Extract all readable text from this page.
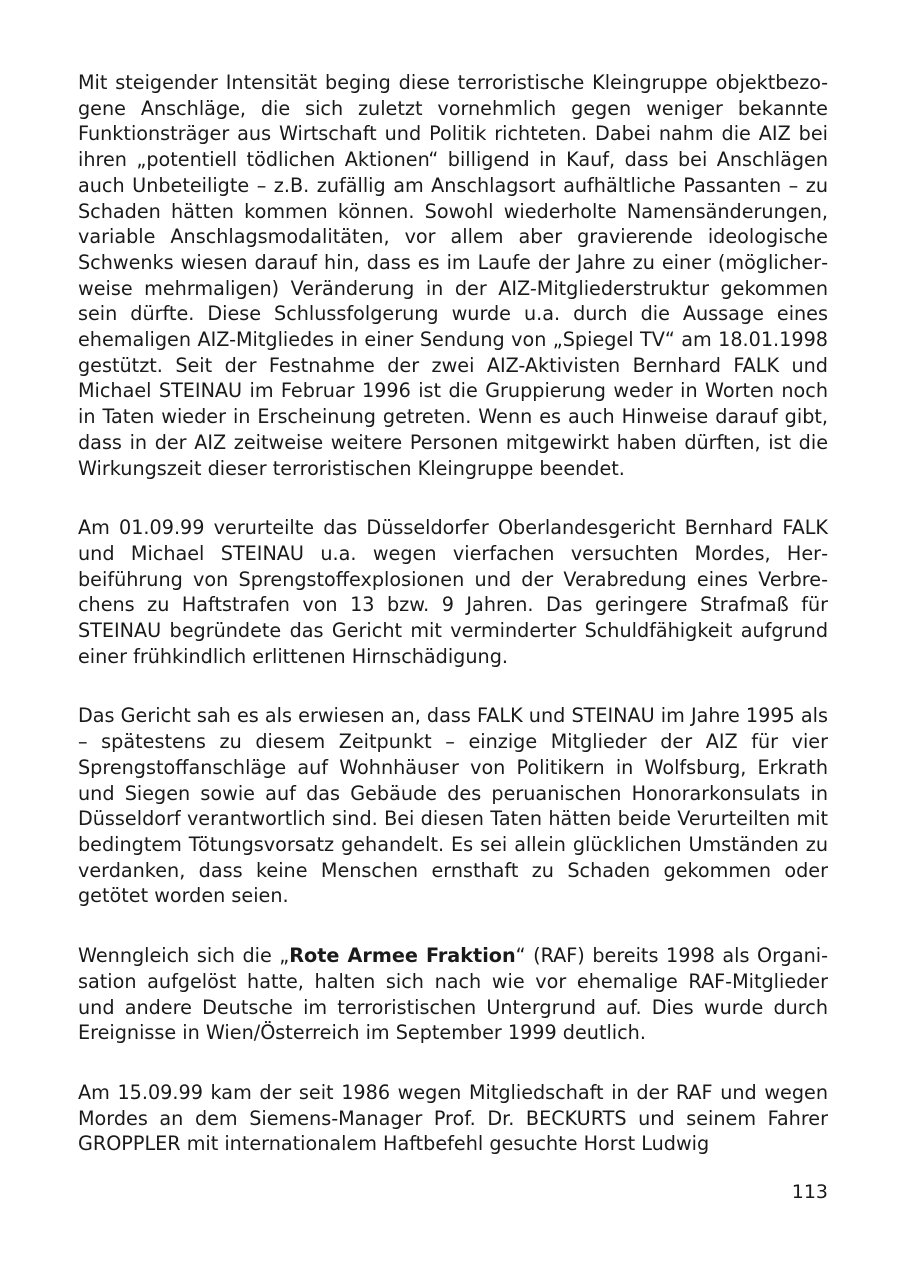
Mit steigender Intensität beging diese terroristische Kleingruppe objektbezogene Anschläge, die sich zuletzt vornehmlich gegen weniger bekannte Funktionsträger aus Wirtschaft und Politik richteten. Dabei nahm die AIZ bei ihren „potentiell tödlichen Aktionen“ billigend in Kauf, dass bei Anschlägen auch Unbeteiligte – z.B. zufällig am Anschlagsort aufhältliche Passanten – zu Schaden hätten kommen können. Sowohl wiederholte Namensänderungen, variable Anschlagsmodalitäten, vor allem aber gravierende ideologische Schwenks wiesen darauf hin, dass es im Laufe der Jahre zu einer (möglicherweise mehrmaligen) Veränderung in der AIZ-Mitgliederstruktur gekommen sein dürfte. Diese Schlussfolgerung wurde u.a. durch die Aussage eines ehemaligen AIZ-Mitgliedes in einer Sendung von „Spiegel TV“ am 18.01.1998 gestützt. Seit der Festnahme der zwei AIZ-Aktivisten Bernhard FALK und Michael STEINAU im Februar 1996 ist die Gruppierung weder in Worten noch in Taten wieder in Erscheinung getreten. Wenn es auch Hinweise darauf gibt, dass in der AIZ zeitweise weitere Personen mitgewirkt haben dürften, ist die Wirkungszeit dieser terroristischen Kleingruppe beendet.

Am 01.09.99 verurteilte das Düsseldorfer Oberlandesgericht Bernhard FALK und Michael STEINAU u.a. wegen vierfachen versuchten Mordes, Herbeiführung von Sprengstoffexplosionen und der Verabredung eines Verbrechens zu Haftstrafen von 13 bzw. 9 Jahren. Das geringere Strafmaß für STEINAU begründete das Gericht mit verminderter Schuldfähigkeit aufgrund einer frühkindlich erlittenen Hirnschädigung.

Das Gericht sah es als erwiesen an, dass FALK und STEINAU im Jahre 1995 als – spätestens zu diesem Zeitpunkt – einzige Mitglieder der AIZ für vier Sprengstoffanschläge auf Wohnhäuser von Politikern in Wolfsburg, Erkrath und Siegen sowie auf das Gebäude des peruanischen Honorarkonsulats in Düsseldorf verantwortlich sind. Bei diesen Taten hätten beide Verurteilten mit bedingtem Tötungsvorsatz gehandelt. Es sei allein glücklichen Umständen zu verdanken, dass keine Menschen ernsthaft zu Schaden gekommen oder getötet worden seien.

Wenngleich sich die „Rote Armee Fraktion“ (RAF) bereits 1998 als Organisation aufgelöst hatte, halten sich nach wie vor ehemalige RAF-Mitglieder und andere Deutsche im terroristischen Untergrund auf. Dies wurde durch Ereignisse in Wien/Österreich im September 1999 deutlich.

Am 15.09.99 kam der seit 1986 wegen Mitgliedschaft in der RAF und wegen Mordes an dem Siemens-Manager Prof. Dr. BECKURTS und seinem Fahrer GROPPLER mit internationalem Haftbefehl gesuchte Horst Ludwig

113
